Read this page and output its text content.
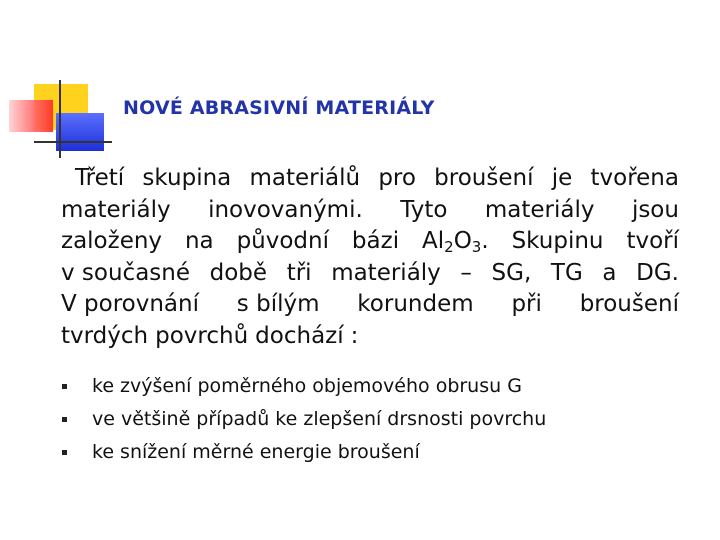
NOVÉ ABRASIVNÍ MATERIÁLY
Třetí skupina materiálů pro broušení je tvořena
materiály inovovanými. Tyto materiály jsou
založeny na původní bázi $Al_2O_3$. Skupinu tvoří
v současné době tři materiály – SG, TG a DG.
V porovnání s bílým korundem při broušení
tvrdých povrchů dochází :
ke zvýšení poměrného objemového obrusu G
ve většině případů ke zlepšení drsnosti povrchu
ke snížení měrné energie broušení
